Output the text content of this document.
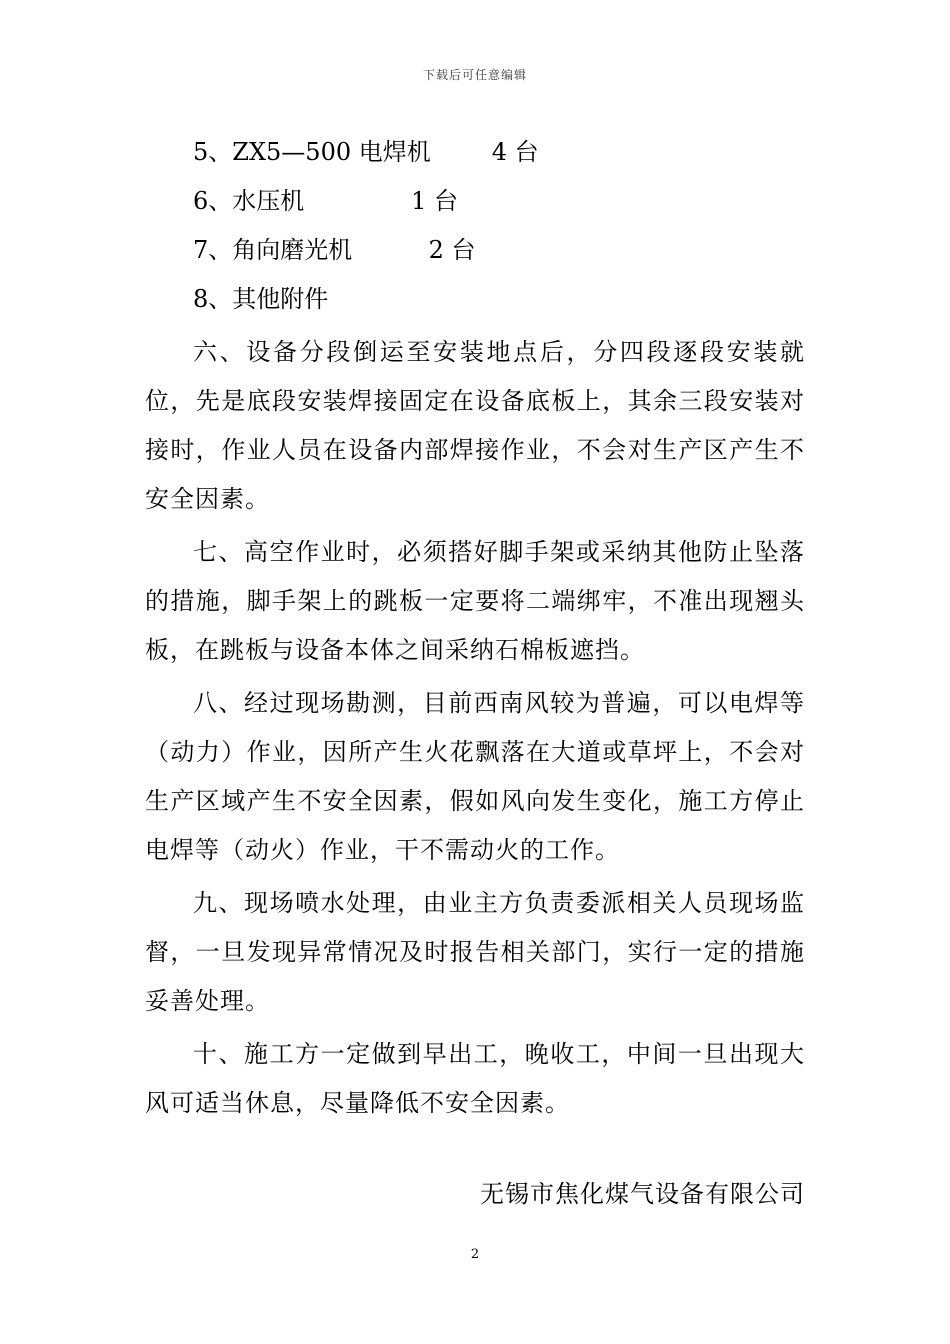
下载后可任意编辑

5、ZX5—500 电焊机	4 台

6、水压机	1 台

7、角向磨光机	2 台

8、其他附件

六、设备分段倒运至安装地点后，分四段逐段安装就位，先是底段安装焊接固定在设备底板上，其余三段安装对接时，作业人员在设备内部焊接作业，不会对生产区产生不安全因素。

七、高空作业时，必须搭好脚手架或采纳其他防止坠落的措施，脚手架上的跳板一定要将二端绑牢，不准出现翘头板，在跳板与设备本体之间采纳石棉板遮挡。

八、经过现场勘测，目前西南风较为普遍，可以电焊等（动力）作业，因所产生火花飘落在大道或草坪上，不会对生产区域产生不安全因素，假如风向发生变化，施工方停止电焊等（动火）作业，干不需动火的工作。

九、现场喷水处理，由业主方负责委派相关人员现场监督，一旦发现异常情况及时报告相关部门，实行一定的措施妥善处理。

十、施工方一定做到早出工，晚收工，中间一旦出现大风可适当休息，尽量降低不安全因素。

无锡市焦化煤气设备有限公司
2
